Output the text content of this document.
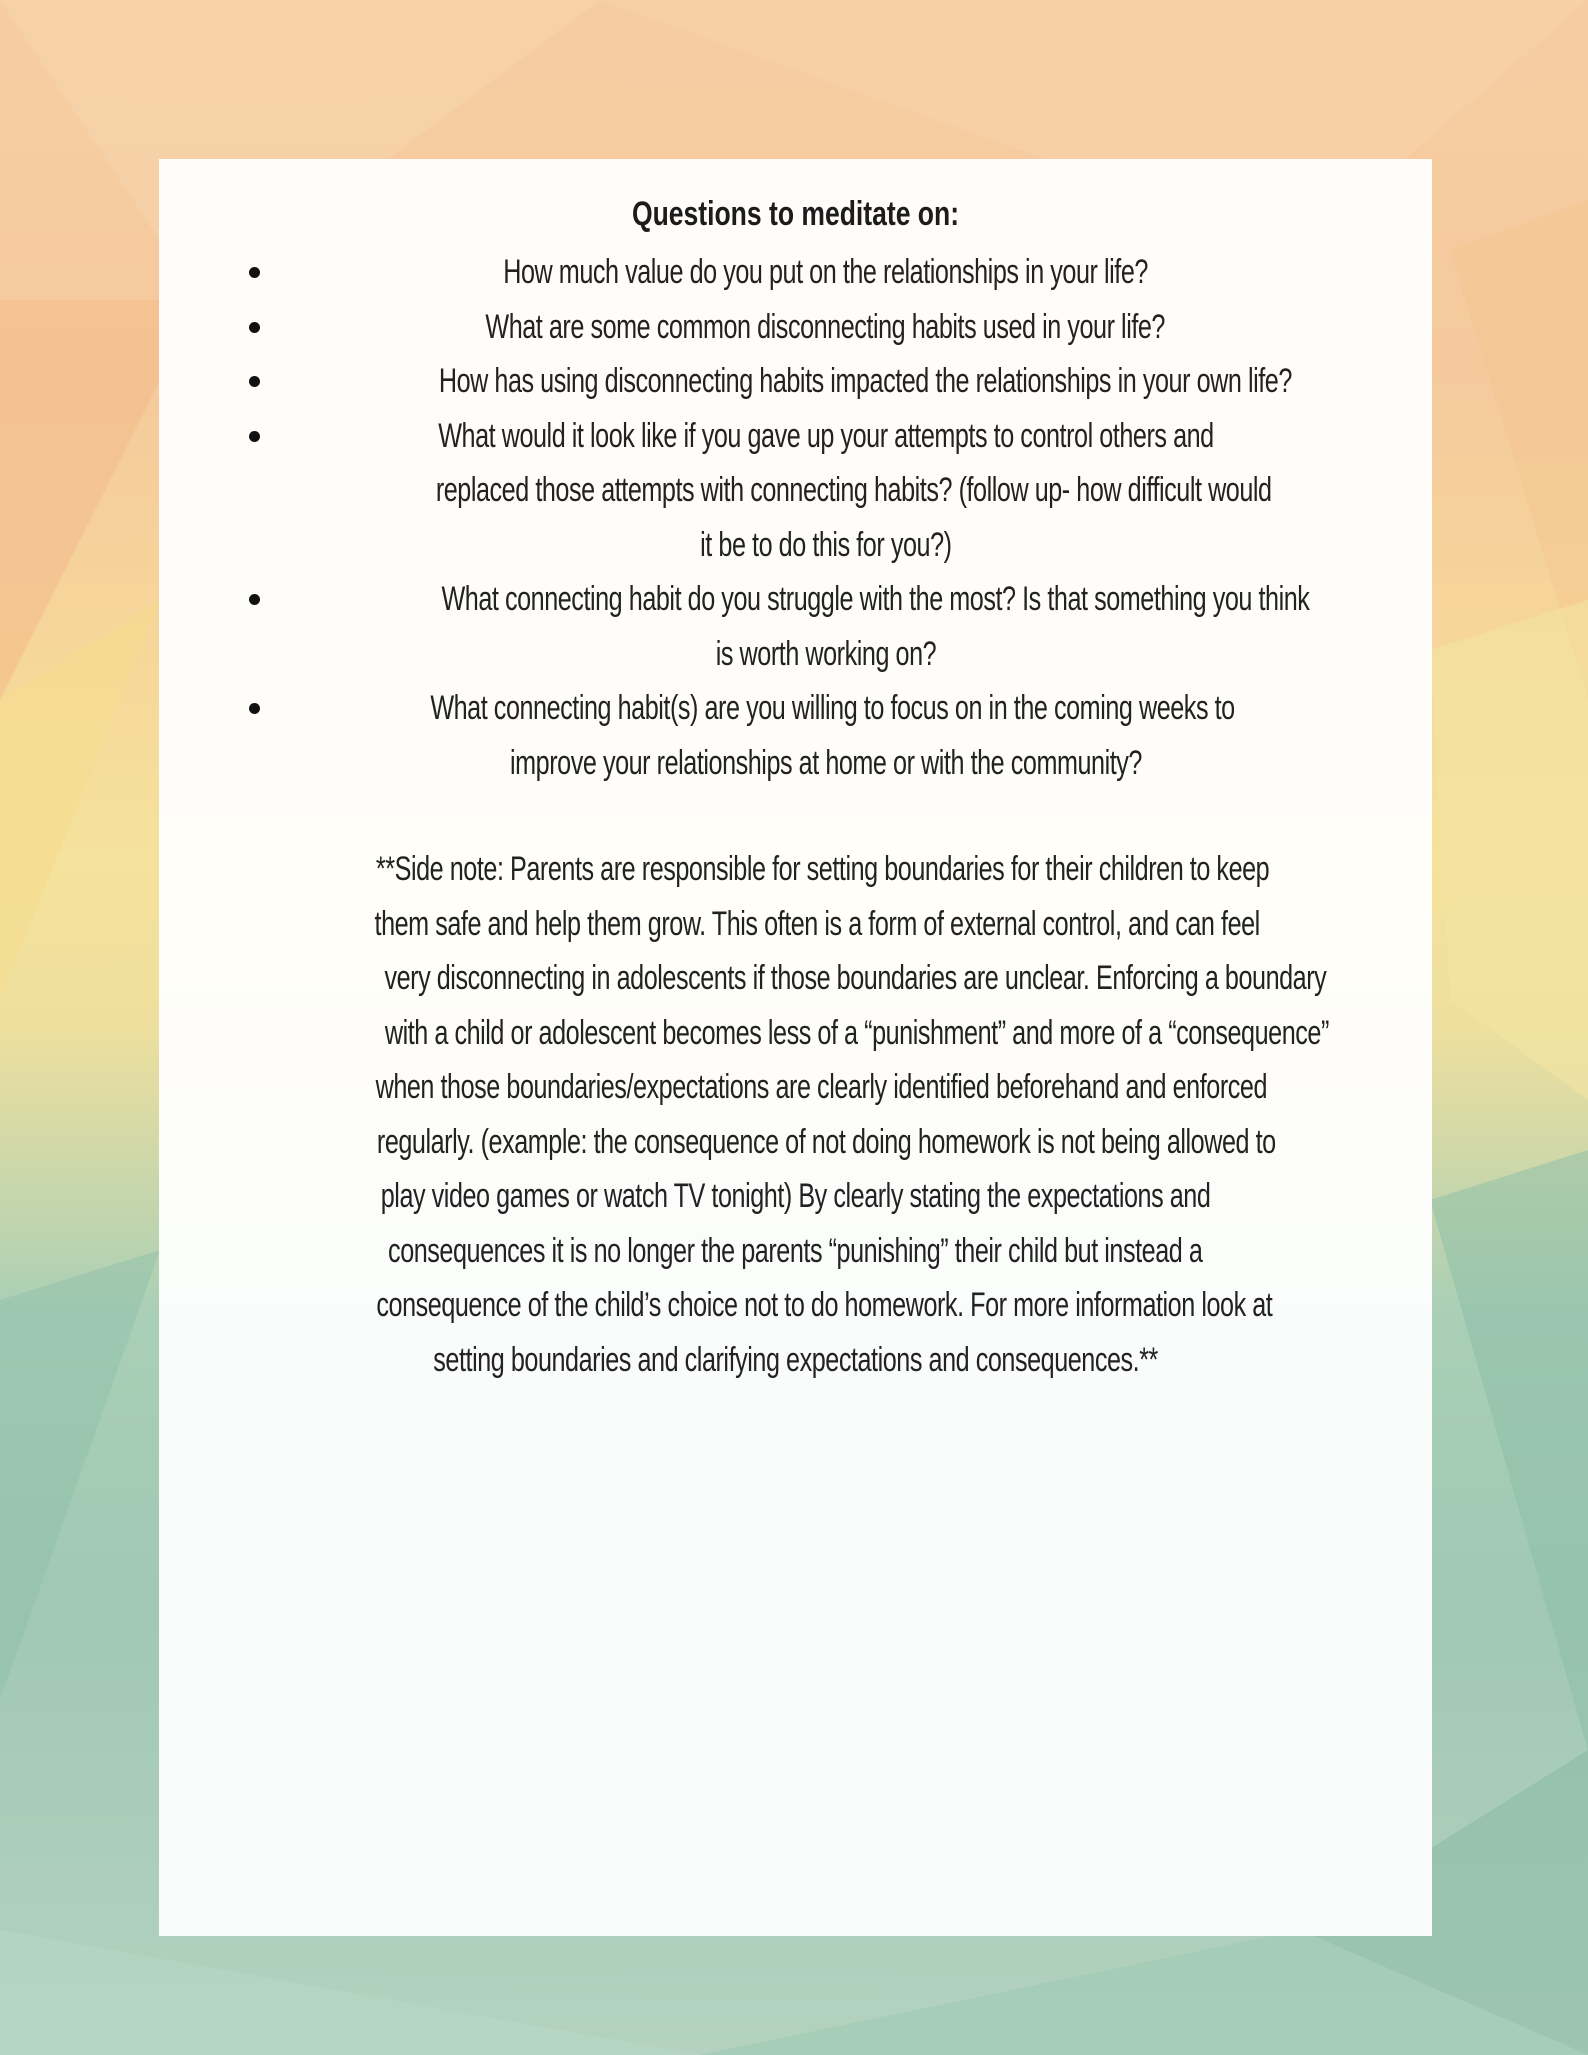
Questions to meditate on:
How much value do you put on the relationships in your life?
What are some common disconnecting habits used in your life?
How has using disconnecting habits impacted the relationships in your own life?
What would it look like if you gave up your attempts to control others and
replaced those attempts with connecting habits? (follow up- how difficult would
it be to do this for you?)
What connecting habit do you struggle with the most? Is that something you think
is worth working on?
What connecting habit(s) are you willing to focus on in the coming weeks to
improve your relationships at home or with the community?
**Side note: Parents are responsible for setting boundaries for their children to keep
them safe and help them grow. This often is a form of external control, and can feel
very disconnecting in adolescents if those boundaries are unclear. Enforcing a boundary
with a child or adolescent becomes less of a “punishment” and more of a “consequence”
when those boundaries/expectations are clearly identified beforehand and enforced
regularly. (example: the consequence of not doing homework is not being allowed to
play video games or watch TV tonight) By clearly stating the expectations and
consequences it is no longer the parents “punishing” their child but instead a
consequence of the child’s choice not to do homework. For more information look at
setting boundaries and clarifying expectations and consequences.**
